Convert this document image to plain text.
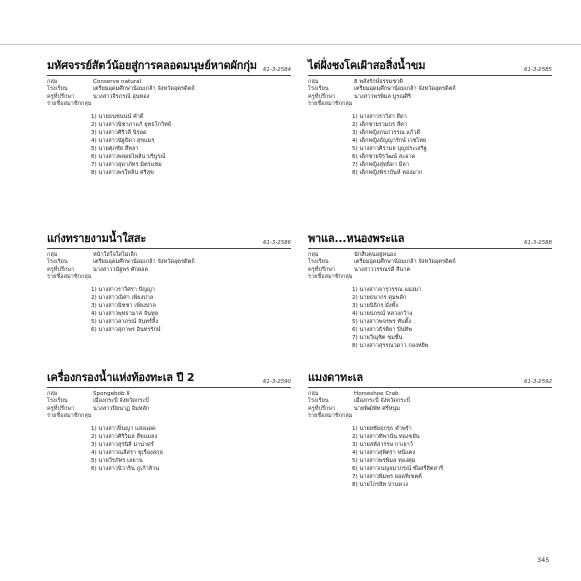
มหัศจรรย์สัตว์น้อยสู่การคลอดมนุษย์หาดผักกุ่ม 61-3-2584
กลุ่ม	Conserve natural
โรงเรียน	เตรียมอุดมศึกษาน้อมเกล้า จังหวัดอุตรดิตถ์
ครูที่ปรึกษา	นางสาวจีรภรณ์ อุ่นทอง
รายชื่อสมาชิกกลุ่ม
1) นายธนชนนน์ คำดี
2) นางสาวนิชาภาแก้ ยุทธโกวิทย์
3) นางสาวศิริวลี นิรอด
4) นางสาวนัฐธิดา สุขแมร
5) นายศุภชัย สีหลา
6) นางสาวพลอยไพลิน บริบูรณ์
7) นางสาวสุดาภัทร มิตรแช่ม
8) นางสาวพรใหลิน ศรีสุข
ไต่ฝั่งชงโคเฝ้าสอสิ่งน้ำขม	61-3-2585
กลุ่ม	8 พลังรักษ์ธรรมชาติ
โรงเรียน	เตรียมอุดมศึกษาน้อมเกล้า จังหวัดอุตรดิตถ์
ครูที่ปรึกษา	นางสาวพรพิมล บูรณศิริ
รายชื่อสมาชิกกลุ่ม
1) นางสาวราวิสา สีดา
2) เด็กชายรวมบร สีตา
3) เด็กหญิงกนกวรรณ แก้วดี
4) เด็กหญิงธัญญารักษ์ เวชไทย
5) นางสาวศิรามล บุญประเสริฐ
6) เด็กชายจิรวัฒน์ สะอาด
7) เด็กหญิงสุทธิดา มีลา
8) เด็กหญิงพิราบันห์ ทองมาก
แก่งทรายงามน้ำใสสะ	61-3-2586
กลุ่ม	หน้าใสใจใสไม่เล็ก
โรงเรียน	เตรียมอุดมศึกษาน้อมเกล้า จังหวัดอุตรดิตถ์
ครูที่ปรึกษา	นางสาววนัฐพร ศักยอด
รายชื่อสมาชิกกลุ่ม
1) นางสาวราวิศรา ปัญญา
2) นางสาวณิศา เพียงปาล
3) นางสาวนิชชา เพียงปาล
4) นางสาวพุทธามาส จันทูล
5) นางสาวลาภรณ์ จันทร์ลิ้ง
6) นางสาวสุภาพร อินทรรักษ์
พาแล...หนองพระแล	61-3-2588
กลุ่ม	นักสืบคนอยู่หนอง
โรงเรียน	เตรียมอุดมศึกษาน้อมเกล้า จังหวัดอุตรดิตถ์
ครูที่ปรึกษา	นางสาววรรณรดี สีนาค
รายชื่อสมาชิกกลุ่ม
1) นางสาวจารุวรรณ แม่งมา
2) นายธนากร คุ่มพลัก
3) นายนิธิกร มั่งทั้ง
4) นายปภรณ์ หลวงกว้าง
5) นางสาวพจรพร ทับตั้ง
6) นางสาวธิรติยา ปินทิพ
7) นายวีณุชิต ชมชื่น
8) นางสาวสุรรณวดาว กองหยิพ
เครื่องกรองน้ำแห่งท้องทะเล ปี 2	61-3-2590
กลุ่ม	Spongebob II
โรงเรียน	เมืองกระบี่ จังหวัดกระบี่
ครูที่ปรึกษา	นางสาวปิยนาฏ อิ่มหลัก
รายชื่อสมาชิกกลุ่ม
1) นางสาวปิ่นญา แสงแดด
2) นางสาวศิริวิมล สีขแมลง
3) นางสาวสุรนิลี มานาดร์
4) นางสาวณลีสรา ชูเรืองสกุล
5) นายวีรภัทร เลยาน
6) นางสาวนิวาริน ภูเก้าลิวน
แมงดาทะเล	61-3-2592
กลุ่ม	Horseshoe Crab
โรงเรียน	เมืองกระบี่ จังหวัดกระบี่
ครูที่ปรึกษา	นายพิฒิพัท ศรีหนุ่ม
รายชื่อสมาชิกกลุ่ม
1) นายยชัยฤกรุธ คำพร้า
2) นางสาวทิพานัน ทองขยัน
3) นายสหัสวรรษ กาเยาว์
4) นางสาวสุพิตรา หนีแคง
5) นางสาวพรพิมล ทองคุ่ม
6) นางสาวเบญจมาภรณ์ ซ๊อสรีสิตสารี
7) นางสาวพิมพร ยอดทิเขตต์
8) นายไกรสิท ปานพวง
345
